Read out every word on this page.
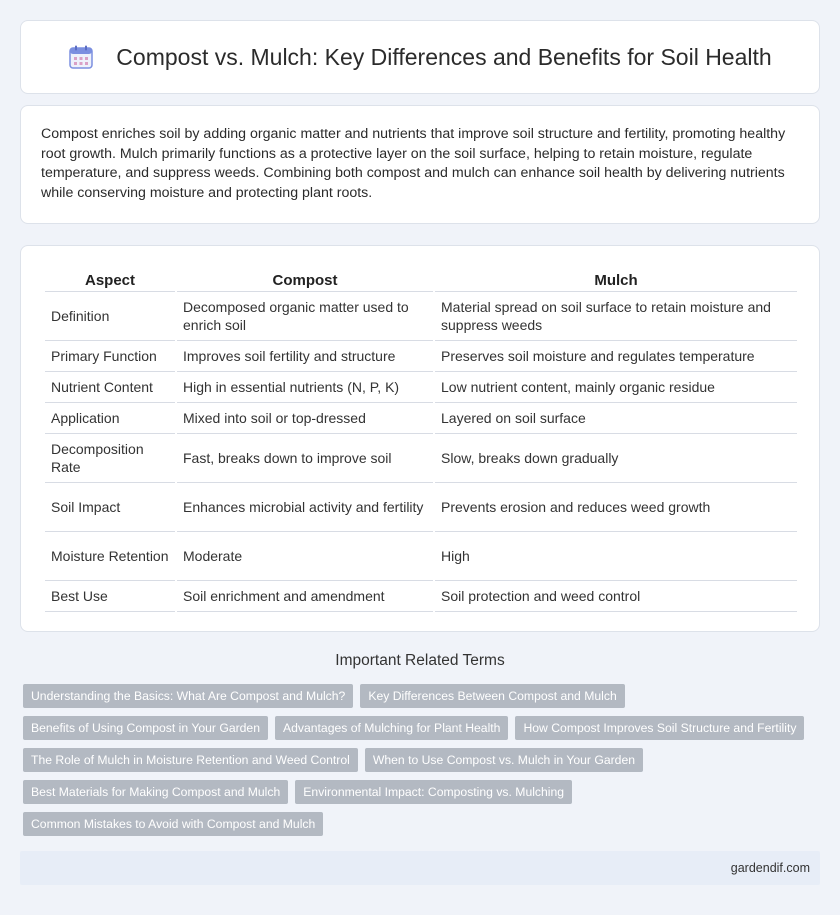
Compost vs. Mulch: Key Differences and Benefits for Soil Health

Compost enriches soil by adding organic matter and nutrients that improve soil structure and fertility, promoting healthy root growth. Mulch primarily functions as a protective layer on the soil surface, helping to retain moisture, regulate temperature, and suppress weeds. Combining both compost and mulch can enhance soil health by delivering nutrients while conserving moisture and protecting plant roots.

Aspect	Compost	Mulch
Definition	Decomposed organic matter used to enrich soil	Material spread on soil surface to retain moisture and suppress weeds
Primary Function	Improves soil fertility and structure	Preserves soil moisture and regulates temperature
Nutrient Content	High in essential nutrients (N, P, K)	Low nutrient content, mainly organic residue
Application	Mixed into soil or top-dressed	Layered on soil surface
Decomposition Rate	Fast, breaks down to improve soil	Slow, breaks down gradually
Soil Impact	Enhances microbial activity and fertility	Prevents erosion and reduces weed growth
Moisture Retention	Moderate	High
Best Use	Soil enrichment and amendment	Soil protection and weed control
Important Related Terms
Understanding the Basics: What Are Compost and Mulch?	Key Differences Between Compost and Mulch
Benefits of Using Compost in Your Garden	Advantages of Mulching for Plant Health	How Compost Improves Soil Structure and Fertility
The Role of Mulch in Moisture Retention and Weed Control	When to Use Compost vs. Mulch in Your Garden
Best Materials for Making Compost and Mulch	Environmental Impact: Composting vs. Mulching
Common Mistakes to Avoid with Compost and Mulch
gardendif.com
